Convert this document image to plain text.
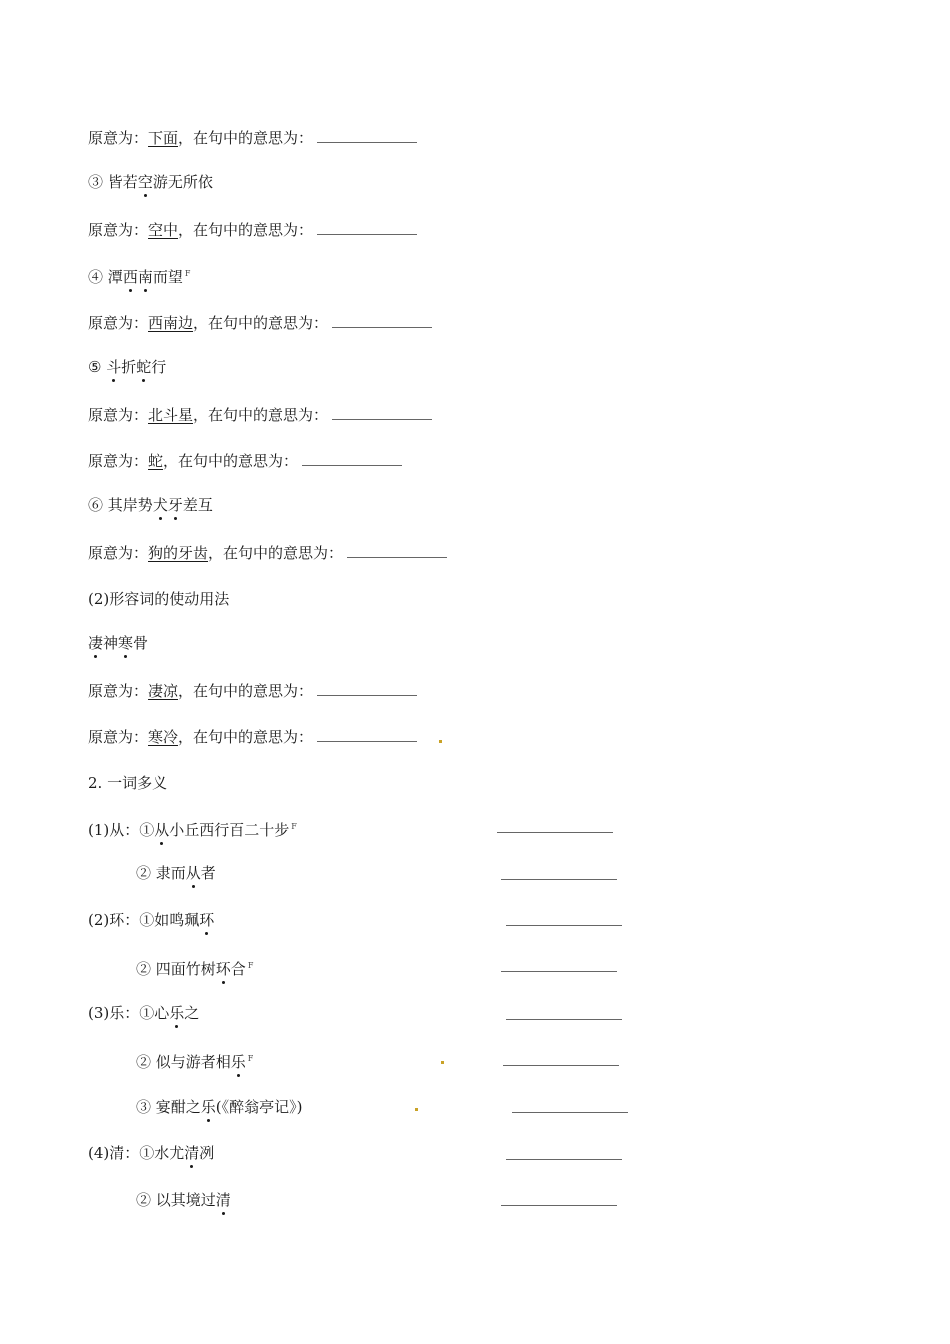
原意为：下面，在句中的意思为：
③ 皆若空游无所依
原意为：空中，在句中的意思为：
④ 潭西南而望 $^F$
原意为：西南边，在句中的意思为：
⑤ 斗折蛇行
原意为：北斗星，在句中的意思为：
原意为：蛇，在句中的意思为：
⑥ 其岸势犬牙差互
原意为：狗的牙齿，在句中的意思为：
(2)形容词的使动用法
凄神寒骨
原意为：凄凉，在句中的意思为：
原意为：寒冷，在句中的意思为：
2. 一词多义
(1)从：①从小丘西行百二十步 $^F$
② 隶而从者
(2)环：①如鸣珮环
② 四面竹树环合 $^F$
(3)乐：①心乐之
② 似与游者相乐 $^F$
③ 宴酣之乐(《醉翁亭记》)
(4)清：①水尤清冽
② 以其境过清
